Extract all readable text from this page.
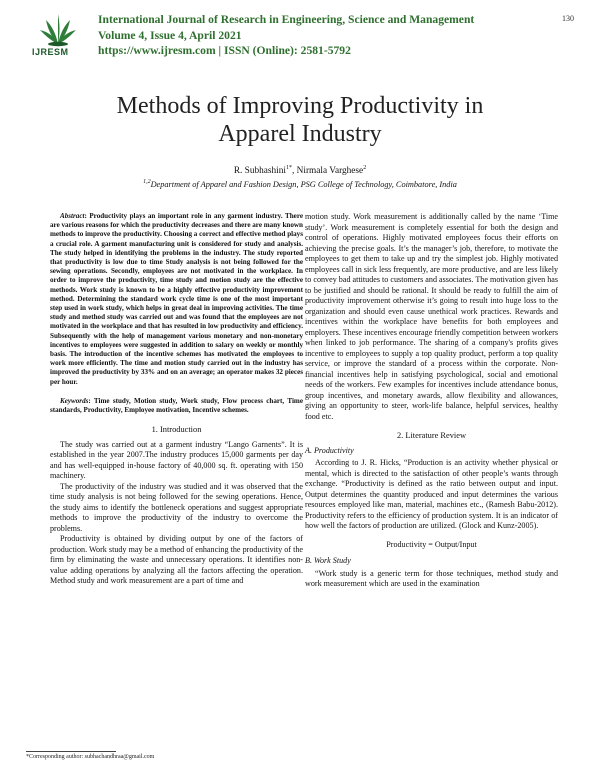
IJRESM
International Journal of Research in Engineering, Science and Management
Volume 4, Issue 4, April 2021
https://www.ijresm.com | ISSN (Online): 2581-5792
130
Methods of Improving Productivity in
Apparel Industry
R. Subhashini$^{1*}$, Nirmala Varghese$^2$
$^{1,2}$Department of Apparel and Fashion Design, PSG College of Technology, Coimbatore, India

Abstract: Productivity plays an important role in any garment industry. There are various reasons for which the productivity decreases and there are many known methods to improve the productivity. Choosing a correct and effective method plays a crucial role. A garment manufacturing unit is considered for study and analysis. The study helped in identifying the problems in the industry. The study reported that productivity is low due to time Study analysis is not being followed for the sewing operations. Secondly, employees are not motivated in the workplace. In order to improve the productivity, time study and motion study are the effective methods. Work study is known to be a highly effective productivity improvement method. Determining the standard work cycle time is one of the most important step used in work study, which helps in great deal in improving activities. The time study and method study was carried out and was found that the employees are not motivated in the workplace and that has resulted in low productivity and efficiency. Subsequently with the help of management various monetary and non-monetary incentives to employees were suggested in addition to salary on weekly or monthly basis. The introduction of the incentive schemes has motivated the employees to work more efficiently. The time and motion study carried out in the industry has improved the productivity by 33% and on an average; an operator makes 32 pieces per hour.

Keywords: Time study, Motion study, Work study, Flow process chart, Time standards, Productivity, Employee motivation, Incentive schemes.

1. Introduction

The study was carried out at a garment industry “Lango Garnents”. It is established in the year 2007.The industry produces 15,000 garments per day and has well-equipped in-house factory of 40,000 sq. ft. operating with 150 machinery.

The productivity of the industry was studied and it was observed that the time study analysis is not being followed for the sewing operations. Hence, the study aims to identify the bottleneck operations and suggest appropriate methods to improve the productivity of the industry to overcome the problems.

Productivity is obtained by dividing output by one of the factors of production. Work study may be a method of enhancing the productivity of the firm by eliminating the waste and unnecessary operations. It identifies non-value adding operations by analyzing all the factors affecting the operation. Method study and work measurement are a part of time and

motion study. Work measurement is additionally called by the name ‘Time study’. Work measurement is completely essential for both the design and control of operations. Highly motivated employees focus their efforts on achieving the precise goals. It’s the manager’s job, therefore, to motivate the employees to get them to take up and try the simplest job. Highly motivated employees call in sick less frequently, are more productive, and are less likely to convey bad attitudes to customers and associates. The motivation given has to be justified and should be rational. It should be ready to fulfill the aim of productivity improvement otherwise it’s going to result into huge loss to the organization and should even cause unethical work practices. Rewards and incentives within the workplace have benefits for both employees and employers. These incentives encourage friendly competition between workers when linked to job performance. The sharing of a company's profits gives incentive to employees to supply a top quality product, perform a top quality service, or improve the standard of a process within the corporate. Non-financial incentives help in satisfying psychological, social and emotional needs of the workers. Few examples for incentives include attendance bonus, group incentives, and monetary awards, allow flexibility and allowances, giving an opportunity to steer, work-life balance, helpful services, healthy food etc.

2. Literature Review
A. Productivity

According to J. R. Hicks, “Production is an activity whether physical or mental, which is directed to the satisfaction of other people’s wants through exchange. “Productivity is defined as the ratio between output and input. Output determines the quantity produced and input determines the various resources employed like man, material, machines etc., (Ramesh Babu-2012). Productivity refers to the efficiency of production system. It is an indicator of how well the factors of production are utilized. (Glock and Kunz-2005).

Productivity = Output/Input
B. Work Study

“Work study is a generic term for those techniques, method study and work measurement which are used in the examination

*Corresponding author: subhachandhraa@gmail.com
